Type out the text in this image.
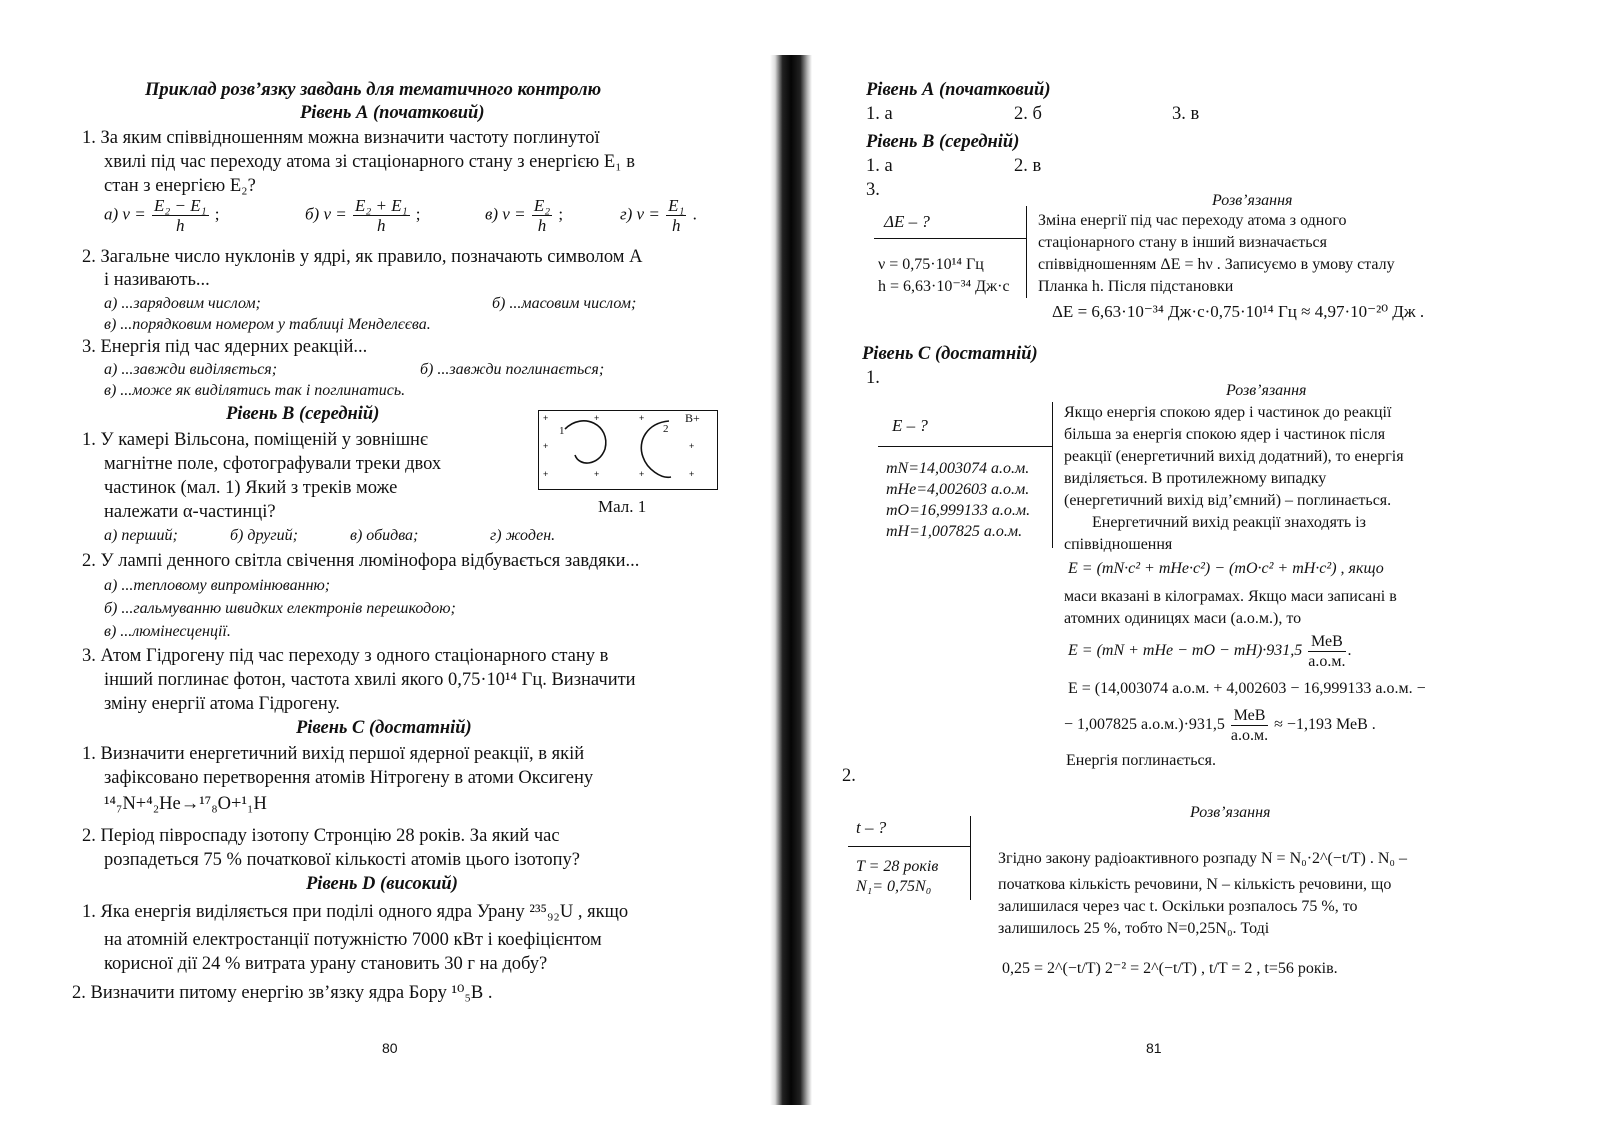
Приклад розв’язку завдань для тематичного контролю
Рівень А (початковий)
1. За яким співвідношенням можна визначити частоту поглинутої
хвилі під час переходу атома зі стаціонарного стану з енергією E₁ в
стан з енергією E₂?
а) $\nu = \frac{\text{E₂ − E₁}}{h}$ ;	б) $\nu = \frac{\text{E₂ + E₁}}{h}$ ;	в) $\nu = \frac{\text{E₂}}{h}$ ;	г) $\nu = \frac{\text{E₁}}{h}$ .
2. Загальне число нуклонів у ядрі, як правило, позначають символом A
і називають...
а) ...зарядовим числом;	б) ...масовим числом;
в) ...порядковим номером у таблиці Менделєєва.
3. Енергія під час ядерних реакцій...
а) ...завжди виділяється;	б) ...завжди поглинається;
в) ...може як виділятись так і поглинатись.
Рівень В (середній)
1. У камері Вільсона, поміщеній у зовнішнє
магнітне поле, сфотографували треки двох
частинок (мал. 1) Який з треків може
належати α-частинці?
а) перший;	б) другий;	в) обидва;	г) жоден.
+	+	+
+	+
+	+	+	+
1	2
B+
Мал. 1
2. У лампі денного світла свічення люмінофора відбувається завдяки...
а) ...тепловому випромінюванню;
б) ...гальмуванню швидких електронів перешкодою;
в) ...люмінесценції.
3. Атом Гідрогену під час переходу з одного стаціонарного стану в
інший поглинає фотон, частота хвилі якого 0,75·10¹⁴ Гц. Визначити
зміну енергії атома Гідрогену.
Рівень С (достатній)
1. Визначити енергетичний вихід першої ядерної реакції, в якій
зафіксовано перетворення атомів Нітрогену в атоми Оксигену
¹⁴₇N+⁴₂He→¹⁷₈O+¹₁H
2. Період півроспаду ізотопу Стронцію 28 років. За який час
розпадеться 75 % початкової кількості атомів цього ізотопу?
Рівень D (високий)
1. Яка енергія виділяється при поділі одного ядра Урану ²³⁵₉₂U , якщо
на атомній електростанції потужністю 7000 кВт і коефіцієнтом
корисної дії 24 % витрата урану становить 30 г на добу?
2. Визначити питому енергію зв’язку ядра Бору ¹⁰₅B .
80
Рівень А (початковий)
1. а	2. б	3. в
Рівень В (середній)
1. а	2. в
3.
Розв’язання
ΔE – ?
ν = 0,75·10¹⁴ Гц
h = 6,63·10⁻³⁴ Дж·с
Зміна енергії під час переходу атома з одного
стаціонарного стану в інший визначається
співвідношенням ΔE = hν . Записуємо в умову сталу
Планка h. Після підстановки
ΔE = 6,63·10⁻³⁴ Дж·с·0,75·10¹⁴ Гц ≈ 4,97·10⁻²⁰ Дж .
Рівень С (достатній)
1.
Розв’язання
E – ?
mN=14,003074 а.о.м.
mHe=4,002603 а.о.м.
mO=16,999133 а.о.м.
mH=1,007825 а.о.м.
Якщо енергія спокою ядер і частинок до реакції
більша за енергія спокою ядер і частинок після
реакції (енергетичний вихід додатний), то енергія
виділяється. В протилежному випадку
(енергетичний вихід від’ємний) – поглинається.
Енергетичний вихід реакції знаходять із
співвідношення
E = (mN·c² + mHe·c²) − (mO·c² + mH·c²) , якщо
маси вказані в кілограмах. Якщо маси записані в
атомних одиницях маси (а.о.м.), то
E = (mN + mHe − mO − $mH)\cdot 931,5 \frac{\text{МеВ}}{а.о.м.}$ .
E = (14,003074 а.о.м. + 4,002603 − 16,999133 а.о.м. −
− 1,007825 $а.о.м.)\cdot 931,5 \frac{\text{МеВ}}{а.о.м.} \approx -1,193$ МеВ .
Енергія поглинається.
2.
Розв’язання
t – ?
T = 28 років
N₁= 0,75N₀
Згідно закону радіоактивного розпаду N = N₀·2^(−t/T) . N₀ –
початкова кількість речовини, N – кількість речовини, що
залишилася через час t. Оскільки розпалось 75 %, то
залишилось 25 %, тобто N=0,25N₀. Тоді
0,25 = 2^(−t/T) 2⁻² = 2^(−t/T) , t/T = 2 , t=56 років.
81
